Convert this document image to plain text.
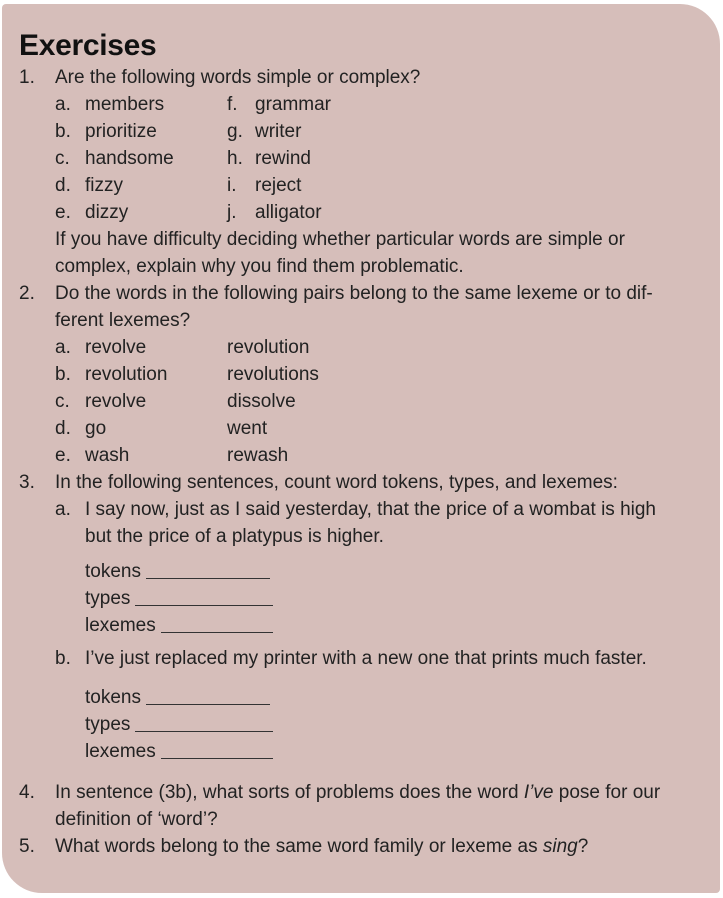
Exercises
1.	Are the following words simple or complex?
a. members	f. grammar
b. prioritize	g. writer
c. handsome	h. rewind
d. fizzy	i. reject
e. dizzy	j. alligator
If you have difficulty deciding whether particular words are simple or
complex, explain why you find them problematic.
2.	Do the words in the following pairs belong to the same lexeme or to dif-
ferent lexemes?
a. revolve	revolution
b. revolution	revolutions
c. revolve	dissolve
d. go	went
e. wash	rewash
3.	In the following sentences, count word tokens, types, and lexemes:
a. I say now, just as I said yesterday, that the price of a wombat is high
but the price of a platypus is higher.
tokens
types
lexemes
b. I’ve just replaced my printer with a new one that prints much faster.
tokens
types
lexemes
4.	In sentence (3b), what sorts of problems does the word I’ve pose for our
definition of ‘word’?
5.	What words belong to the same word family or lexeme as sing?
